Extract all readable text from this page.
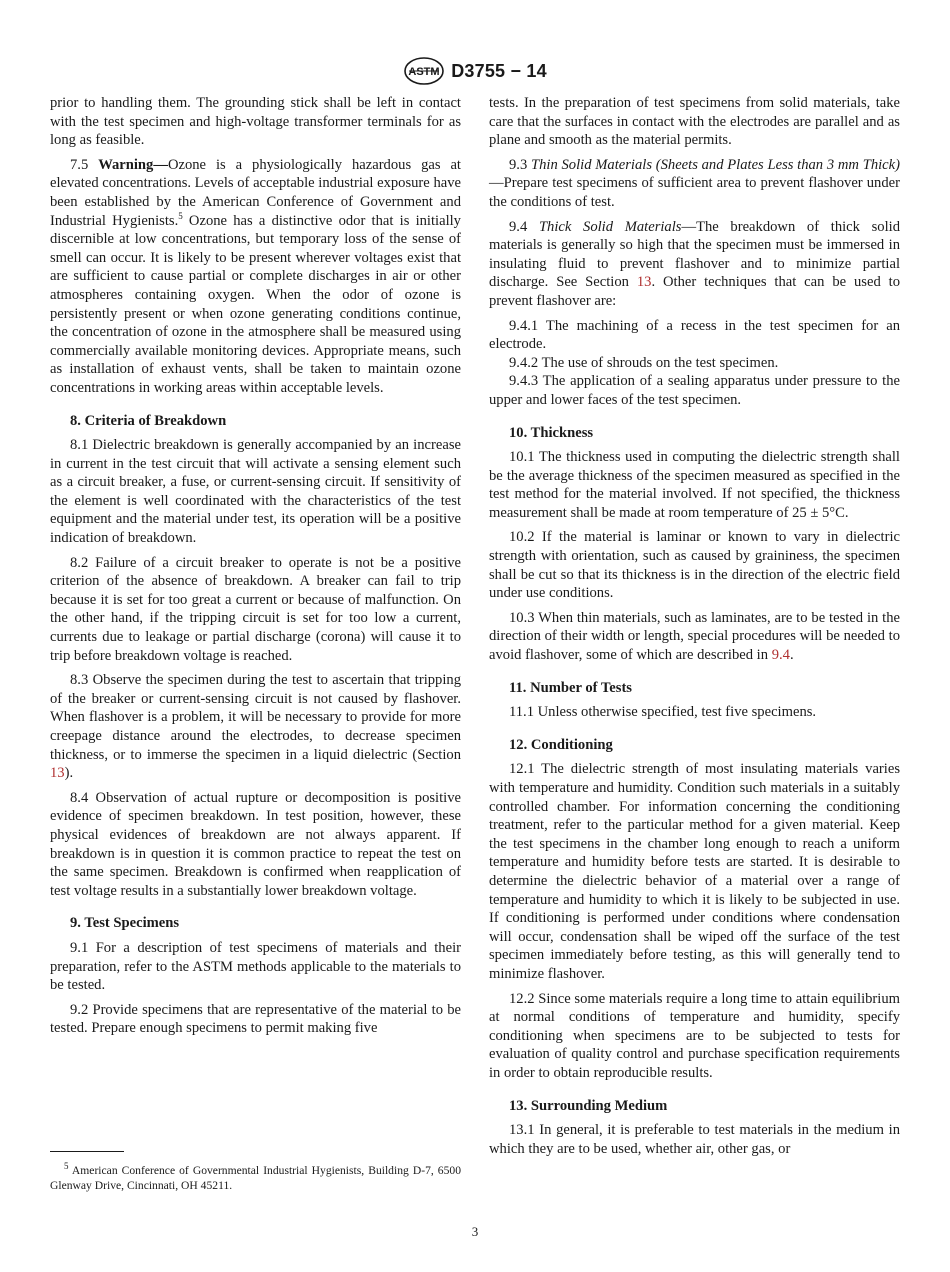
ASTM D3755 − 14

prior to handling them. The grounding stick shall be left in contact with the test specimen and high-voltage transformer terminals for as long as feasible.

7.5 Warning—Ozone is a physiologically hazardous gas at elevated concentrations. Levels of acceptable industrial exposure have been established by the American Conference of Government and Industrial Hygienists.$^5$ Ozone has a distinctive odor that is initially discernible at low concentrations, but temporary loss of the sense of smell can occur. It is likely to be present wherever voltages exist that are sufficient to cause partial or complete discharges in air or other atmospheres containing oxygen. When the odor of ozone is persistently present or when ozone generating conditions continue, the concentration of ozone in the atmosphere shall be measured using commercially available monitoring devices. Appropriate means, such as installation of exhaust vents, shall be taken to maintain ozone concentrations in working areas within acceptable levels.

8. Criteria of Breakdown

8.1 Dielectric breakdown is generally accompanied by an increase in current in the test circuit that will activate a sensing element such as a circuit breaker, a fuse, or current-sensing circuit. If sensitivity of the element is well coordinated with the characteristics of the test equipment and the material under test, its operation will be a positive indication of breakdown.

8.2 Failure of a circuit breaker to operate is not be a positive criterion of the absence of breakdown. A breaker can fail to trip because it is set for too great a current or because of malfunction. On the other hand, if the tripping circuit is set for too low a current, currents due to leakage or partial discharge (corona) will cause it to trip before breakdown voltage is reached.

8.3 Observe the specimen during the test to ascertain that tripping of the breaker or current-sensing circuit is not caused by flashover. When flashover is a problem, it will be necessary to provide for more creepage distance around the electrodes, to decrease specimen thickness, or to immerse the specimen in a liquid dielectric (Section 13).

8.4 Observation of actual rupture or decomposition is positive evidence of specimen breakdown. In test position, however, these physical evidences of breakdown are not always apparent. If breakdown is in question it is common practice to repeat the test on the same specimen. Breakdown is confirmed when reapplication of test voltage results in a substantially lower breakdown voltage.

9. Test Specimens

9.1 For a description of test specimens of materials and their preparation, refer to the ASTM methods applicable to the materials to be tested.

9.2 Provide specimens that are representative of the material to be tested. Prepare enough specimens to permit making five

tests. In the preparation of test specimens from solid materials, take care that the surfaces in contact with the electrodes are parallel and as plane and smooth as the material permits.

9.3 Thin Solid Materials (Sheets and Plates Less than 3 mm Thick)—Prepare test specimens of sufficient area to prevent flashover under the conditions of test.

9.4 Thick Solid Materials—The breakdown of thick solid materials is generally so high that the specimen must be immersed in insulating fluid to prevent flashover and to minimize partial discharge. See Section 13. Other techniques that can be used to prevent flashover are:

9.4.1 The machining of a recess in the test specimen for an electrode.

9.4.2 The use of shrouds on the test specimen.

9.4.3 The application of a sealing apparatus under pressure to the upper and lower faces of the test specimen.

10. Thickness

10.1 The thickness used in computing the dielectric strength shall be the average thickness of the specimen measured as specified in the test method for the material involved. If not specified, the thickness measurement shall be made at room temperature of 25 ± 5°C.

10.2 If the material is laminar or known to vary in dielectric strength with orientation, such as caused by graininess, the specimen shall be cut so that its thickness is in the direction of the electric field under use conditions.

10.3 When thin materials, such as laminates, are to be tested in the direction of their width or length, special procedures will be needed to avoid flashover, some of which are described in 9.4.

11. Number of Tests

11.1 Unless otherwise specified, test five specimens.

12. Conditioning

12.1 The dielectric strength of most insulating materials varies with temperature and humidity. Condition such materials in a suitably controlled chamber. For information concerning the conditioning treatment, refer to the particular method for a given material. Keep the test specimens in the chamber long enough to reach a uniform temperature and humidity before tests are started. It is desirable to determine the dielectric behavior of a material over a range of temperature and humidity to which it is likely to be subjected in use. If conditioning is performed under conditions where condensation will occur, condensation shall be wiped off the surface of the test specimen immediately before testing, as this will generally tend to minimize flashover.

12.2 Since some materials require a long time to attain equilibrium at normal conditions of temperature and humidity, specify conditioning when specimens are to be subjected to tests for evaluation of quality control and purchase specification requirements in order to obtain reproducible results.

13. Surrounding Medium

13.1 In general, it is preferable to test materials in the medium in which they are to be used, whether air, other gas, or

$^5$ American Conference of Governmental Industrial Hygienists, Building D-7, 6500 Glenway Drive, Cincinnati, OH 45211.
3
